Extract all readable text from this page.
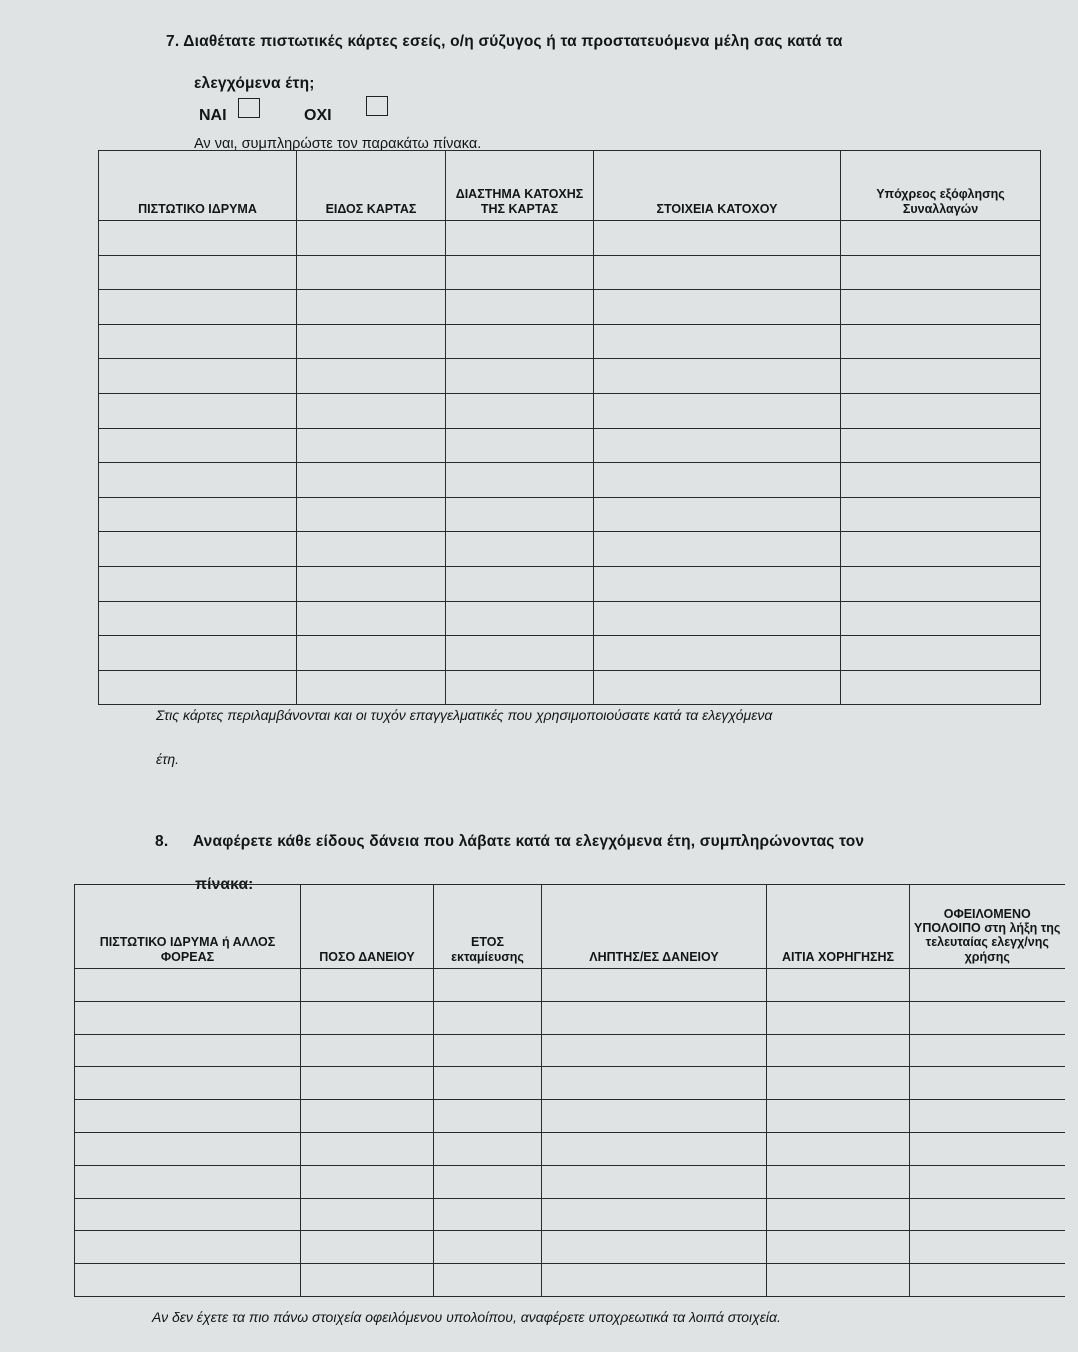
7. Διαθέτατε πιστωτικές κάρτες εσείς, ο/η σύζυγος ή τα προστατευόμενα μέλη σας κατά τα
ελεγχόμενα έτη;
ΝΑΙ	ΟΧΙ
Αν ναι, συμπληρώστε τον παρακάτω πίνακα.
ΠΙΣΤΩΤΙΚΟ ΙΔΡΥΜΑ	ΕΙΔΟΣ ΚΑΡΤΑΣ	ΔΙΑΣΤΗΜΑ ΚΑΤΟΧΗΣ ΤΗΣ ΚΑΡΤΑΣ	ΣΤΟΙΧΕΙΑ ΚΑΤΟΧΟΥ	Υπόχρεος εξόφλησης Συναλλαγών

Στις κάρτες περιλαμβάνονται και οι τυχόν επαγγελματικές που χρησιμοποιούσατε κατά τα ελεγχόμενα
έτη.
8. Αναφέρετε κάθε είδους δάνεια που λάβατε κατά τα ελεγχόμενα έτη, συμπληρώνοντας τον
πίνακα:
ΠΙΣΤΩΤΙΚΟ ΙΔΡΥΜΑ ή ΑΛΛΟΣ ΦΟΡΕΑΣ	ΠΟΣΟ ΔΑΝΕΙΟΥ	ΕΤΟΣ εκταμίευσης	ΛΗΠΤΗΣ/ΕΣ ΔΑΝΕΙΟΥ	ΑΙΤΙΑ ΧΟΡΗΓΗΣΗΣ	ΟΦΕΙΛΟΜΕΝΟ ΥΠΟΛΟΙΠΟ στη λήξη της τελευταίας ελεγχ/νης χρήσης

Αν δεν έχετε τα πιο πάνω στοιχεία οφειλόμενου υπολοίπου, αναφέρετε υποχρεωτικά τα λοιπά στοιχεία.
